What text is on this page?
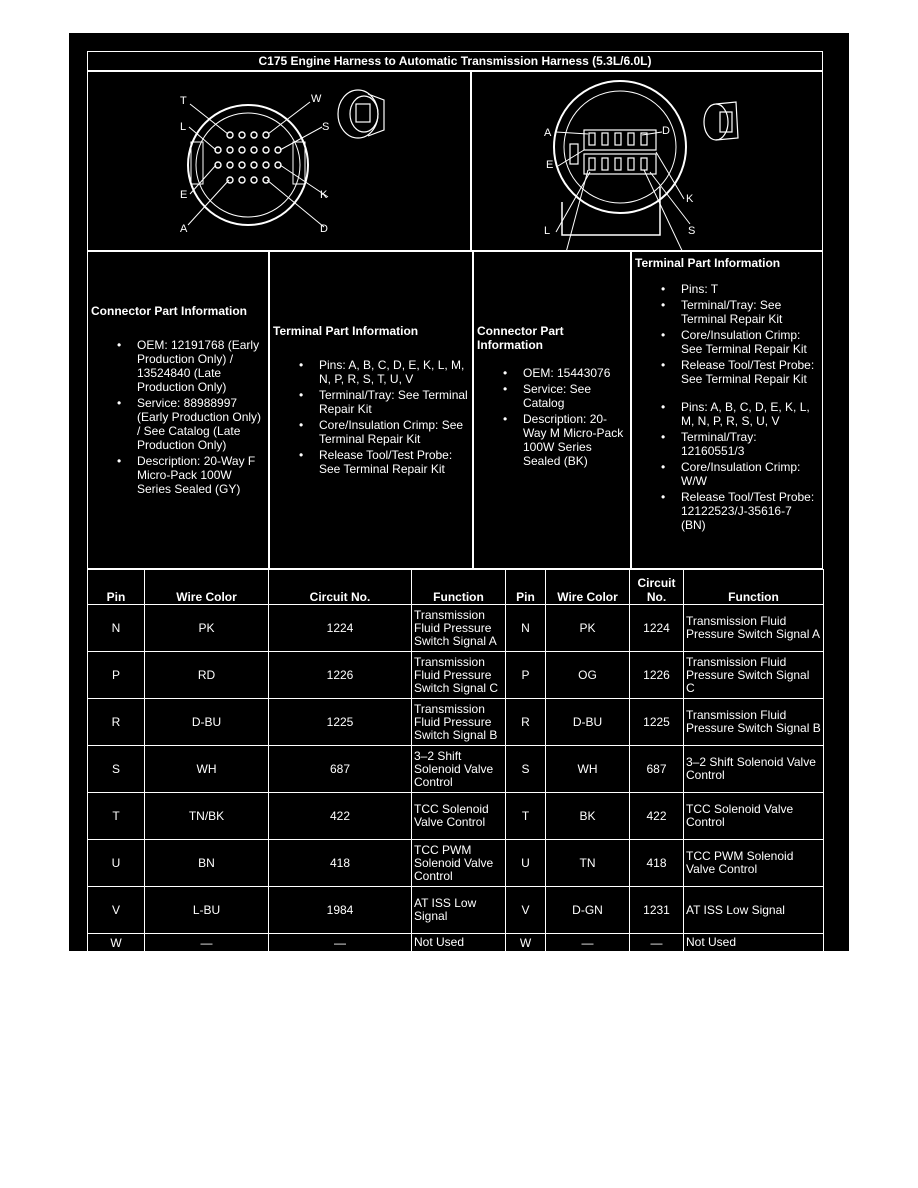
C175 Engine Harness to Automatic Transmission Harness (5.3L/6.0L)
T	W
L	S
E	K
A	D
A	D
E
K
L	S
Connector Part Information
• OEM: 12191768 (Early Production Only) / 13524840 (Late Production Only)
• Service: 88988997 (Early Production Only) / See Catalog (Late Production Only)
• Description: 20-Way F Micro-Pack 100W Series Sealed (GY)
Terminal Part Information
• Pins: A, B, C, D, E, K, L, M, N, P, R, S, T, U, V
• Terminal/Tray: See Terminal Repair Kit
• Core/Insulation Crimp: See Terminal Repair Kit
• Release Tool/Test Probe: See Terminal Repair Kit
Connector Part Information
• OEM: 15443076
• Service: See Catalog
• Description: 20-Way M Micro-Pack 100W Series Sealed (BK)
Terminal Part Information
• Pins: T
• Terminal/Tray: See Terminal Repair Kit
• Core/Insulation Crimp: See Terminal Repair Kit
• Release Tool/Test Probe: See Terminal Repair Kit
• Pins: A, B, C, D, E, K, L, M, N, P, R, S, U, V
• Terminal/Tray: 12160551/3
• Core/Insulation Crimp: W/W
• Release Tool/Test Probe: 12122523/J-35616-7 (BN)
Pin	Wire Color	Circuit No.	Function	Pin	Wire Color	Circuit No.	Function
N	PK	1224	Transmission Fluid Pressure Switch Signal A	N	PK	1224	Transmission Fluid Pressure Switch Signal A
P	RD	1226	Transmission Fluid Pressure Switch Signal C	P	OG	1226	Transmission Fluid Pressure Switch Signal C
R	D-BU	1225	Transmission Fluid Pressure Switch Signal B	R	D-BU	1225	Transmission Fluid Pressure Switch Signal B
S	WH	687	3–2 Shift Solenoid Valve Control	S	WH	687	3–2 Shift Solenoid Valve Control
T	TN/BK	422	TCC Solenoid Valve Control	T	BK	422	TCC Solenoid Valve Control
U	BN	418	TCC PWM Solenoid Valve Control	U	TN	418	TCC PWM Solenoid Valve Control
V	L-BU	1984	AT ISS Low Signal	V	D-GN	1231	AT ISS Low Signal
W	—	—	Not Used	W	—	—	Not Used
